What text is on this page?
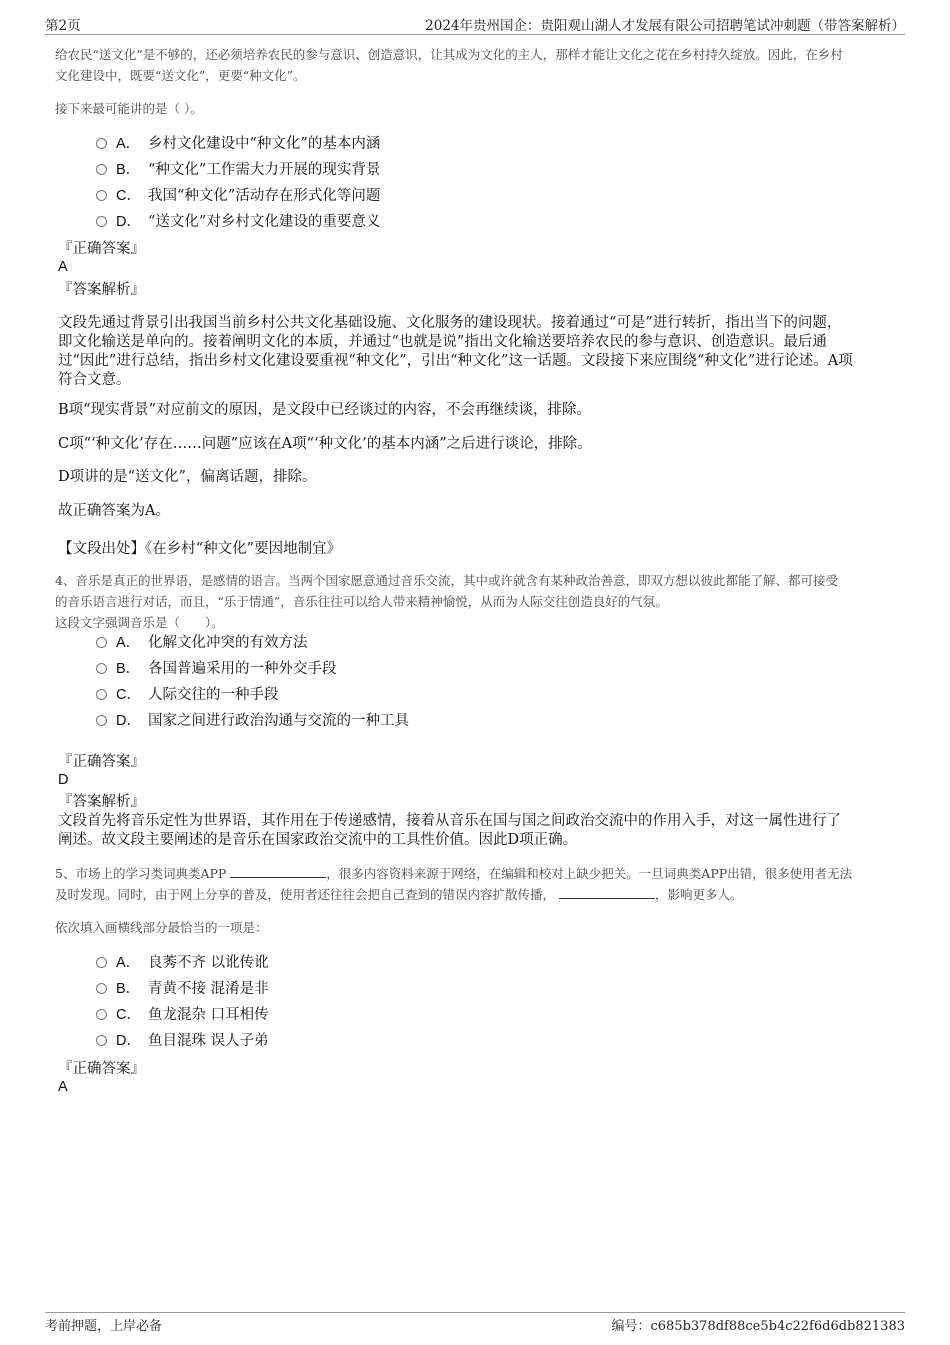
第2页	2024年贵州国企：贵阳观山湖人才发展有限公司招聘笔试冲刺题（带答案解析）
给农民“送文化”是不够的，还必须培养农民的参与意识、创造意识，让其成为文化的主人，那样才能让文化之花在乡村持久绽放。因此，在乡村
文化建设中，既要“送文化”，更要“种文化”。
接下来最可能讲的是（ ）。
A． 乡村文化建设中“种文化”的基本内涵
B． “种文化”工作需大力开展的现实背景
C． 我国“种文化”活动存在形式化等问题
D． “送文化”对乡村文化建设的重要意义
『正确答案』
A
『答案解析』
文段先通过背景引出我国当前乡村公共文化基础设施、文化服务的建设现状。接着通过“可是”进行转折，指出当下的问题，
即文化输送是单向的。接着阐明文化的本质，并通过“也就是说”指出文化输送要培养农民的参与意识、创造意识。最后通
过“因此”进行总结，指出乡村文化建设要重视“种文化”，引出“种文化”这一话题。文段接下来应围绕“种文化”进行论述。A项
符合文意。
B项“现实背景”对应前文的原因，是文段中已经谈过的内容，不会再继续谈，排除。
C项“‘种文化’存在……问题”应该在A项“‘种文化’的基本内涵”之后进行谈论，排除。
D项讲的是“送文化”，偏离话题，排除。
故正确答案为A。
【文段出处】《在乡村“种文化”要因地制宜》
4、音乐是真正的世界语，是感情的语言。当两个国家愿意通过音乐交流，其中或许就含有某种政治善意，即双方想以彼此都能了解、都可接受
的音乐语言进行对话，而且，“乐于情通”，音乐往往可以给人带来精神愉悦，从而为人际交往创造良好的气氛。
这段文字强调音乐是（　　）。
A． 化解文化冲突的有效方法
B． 各国普遍采用的一种外交手段
C． 人际交往的一种手段
D． 国家之间进行政治沟通与交流的一种工具
『正确答案』
D
『答案解析』
文段首先将音乐定性为世界语，其作用在于传递感情，接着从音乐在国与国之间政治交流中的作用入手，对这一属性进行了
阐述。故文段主要阐述的是音乐在国家政治交流中的工具性价值。因此D项正确。
5、市场上的学习类词典类APP	，很多内容资料来源于网络，在编辑和校对上缺少把关。一旦词典类APP出错，很多使用者无法
及时发现。同时，由于网上分享的普及，使用者还往往会把自己查到的错误内容扩散传播，	，影响更多人。
依次填入画横线部分最恰当的一项是：
A． 良莠不齐 以讹传讹
B． 青黄不接 混淆是非
C． 鱼龙混杂 口耳相传
D． 鱼目混珠 误人子弟
『正确答案』
A
考前押题，上岸必备	编号：c685b378df88ce5b4c22f6d6db821383
